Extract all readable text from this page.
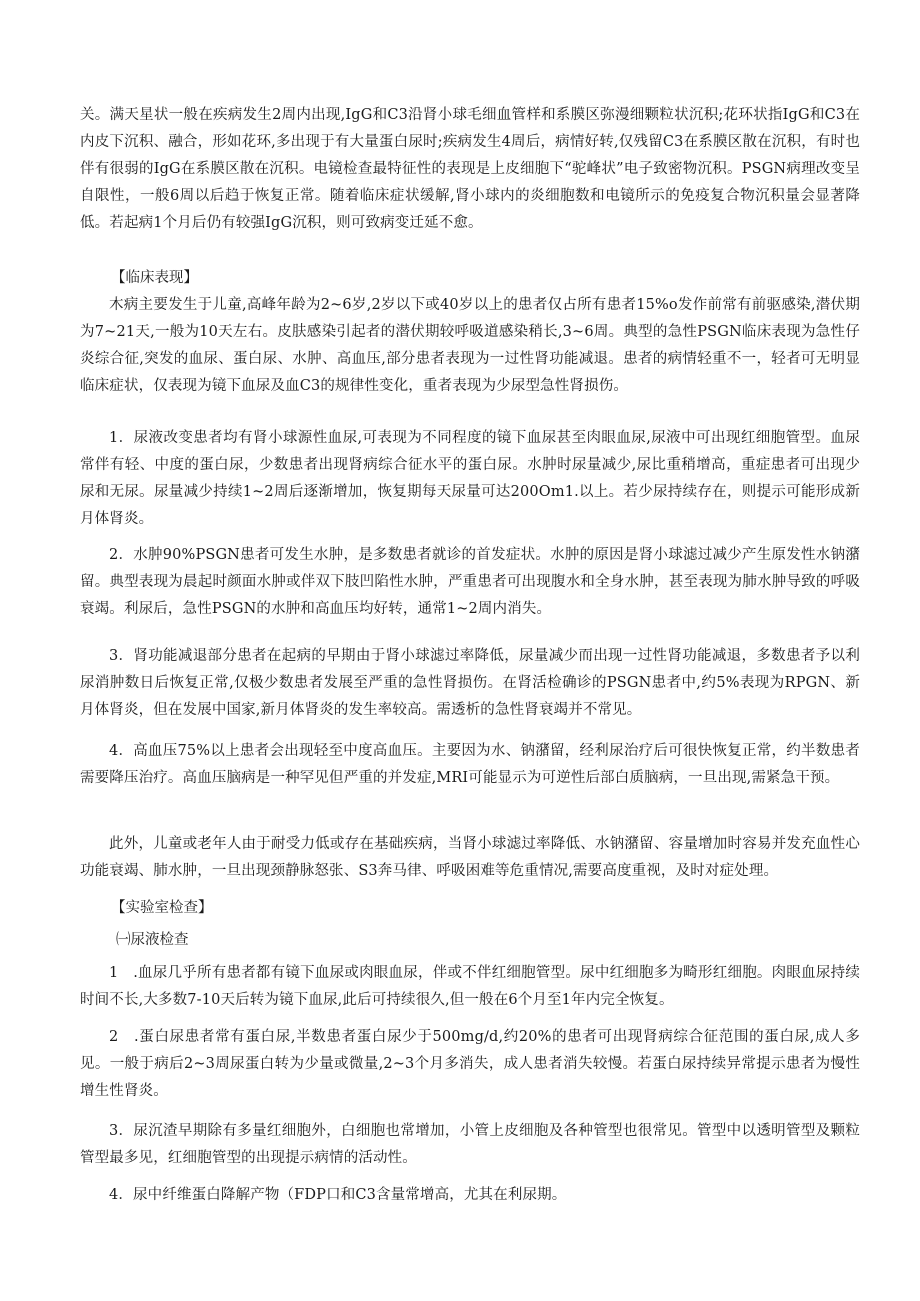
关。满天星状一般在疾病发生2周内出现,IgG和C3沿肾小球毛细血管样和系膜区弥漫细颗粒状沉积;花环状指IgG和C3在内皮下沉积、融合，形如花环,多出现于有大量蛋白尿时;疾病发生4周后，病情好转,仅残留C3在系膜区散在沉积，有时也伴有很弱的IgG在系膜区散在沉积。电镜检查最特征性的表现是上皮细胞下“驼峰状”电子致密物沉积。PSGN病理改变呈自限性，一般6周以后趋于恢复正常。随着临床症状缓解,肾小球内的炎细胞数和电镜所示的免疫复合物沉积量会显著降低。若起病1个月后仍有较强IgG沉积，则可致病变迁延不愈。

【临床表现】

木病主要发生于儿童,高峰年龄为2~6岁,2岁以下或40岁以上的患者仅占所有患者15%o发作前常有前驱感染,潜伏期为7~21天,一般为10天左右。皮肤感染引起者的潜伏期较呼吸道感染稍长,3~6周。典型的急性PSGN临床表现为急性仔炎综合征,突发的血尿、蛋白尿、水肿、高血压,部分患者表现为一过性肾功能减退。患者的病情轻重不一，轻者可无明显临床症状，仅表现为镜下血尿及血C3的规律性变化，重者表现为少尿型急性肾损伤。

1．尿液改变患者均有肾小球源性血尿,可表现为不同程度的镜下血尿甚至肉眼血尿,尿液中可出现红细胞管型。血尿常伴有轻、中度的蛋白尿，少数患者出现肾病综合征水平的蛋白尿。水肿时尿量减少,尿比重稍增高，重症患者可出现少尿和无尿。尿量减少持续1~2周后逐渐增加，恢复期每天尿量可达200Om1.以上。若少尿持续存在，则提示可能形成新月体肾炎。

2．水肿90%PSGN患者可发生水肿，是多数患者就诊的首发症状。水肿的原因是肾小球滤过减少产生原发性水钠潴留。典型表现为晨起时颜面水肿或伴双下肢凹陷性水肿，严重患者可出现腹水和全身水肿，甚至表现为肺水肿导致的呼吸衰竭。利尿后，急性PSGN的水肿和高血压均好转，通常1~2周内消失。

3．肾功能减退部分患者在起病的早期由于肾小球滤过率降低，尿量减少而出现一过性肾功能减退，多数患者予以利尿消肿数日后恢复正常,仅极少数患者发展至严重的急性肾损伤。在肾活检确诊的PSGN患者中,约5%表现为RPGN、新月体肾炎，但在发展中国家,新月体肾炎的发生率较高。需透析的急性肾衰竭并不常见。

4．高血压75%以上患者会出现轻至中度高血压。主要因为水、钠潴留，经利尿治疗后可很快恢复正常，约半数患者需要降压治疗。高血压脑病是一种罕见但严重的并发症,MRI可能显示为可逆性后部白质脑病，一旦出现,需紧急干预。

此外，儿童或老年人由于耐受力低或存在基础疾病，当肾小球滤过率降低、水钠潴留、容量增加时容易并发充血性心功能衰竭、肺水肿，一旦出现颈静脉怒张、S3奔马律、呼吸困难等危重情况,需要高度重视，及时对症处理。

【实验室检查】

㈠尿液检查

1　.血尿几乎所有患者都有镜下血尿或肉眼血尿，伴或不伴红细胞管型。尿中红细胞多为畸形红细胞。肉眼血尿持续时间不长,大多数7-10天后转为镜下血尿,此后可持续很久,但一般在6个月至1年内完全恢复。

2　.蛋白尿患者常有蛋白尿,半数患者蛋白尿少于500mg∕d,约20%的患者可出现肾病综合征范围的蛋白尿,成人多见。一般于病后2~3周尿蛋白转为少量或微量,2~3个月多消失，成人患者消失较慢。若蛋白尿持续异常提示患者为慢性增生性肾炎。

3．尿沉渣早期除有多量红细胞外，白细胞也常增加，小管上皮细胞及各种管型也很常见。管型中以透明管型及颗粒管型最多见，红细胞管型的出现提示病情的活动性。

4．尿中纤维蛋白降解产物（FDP口和C3含量常增高，尤其在利尿期。
